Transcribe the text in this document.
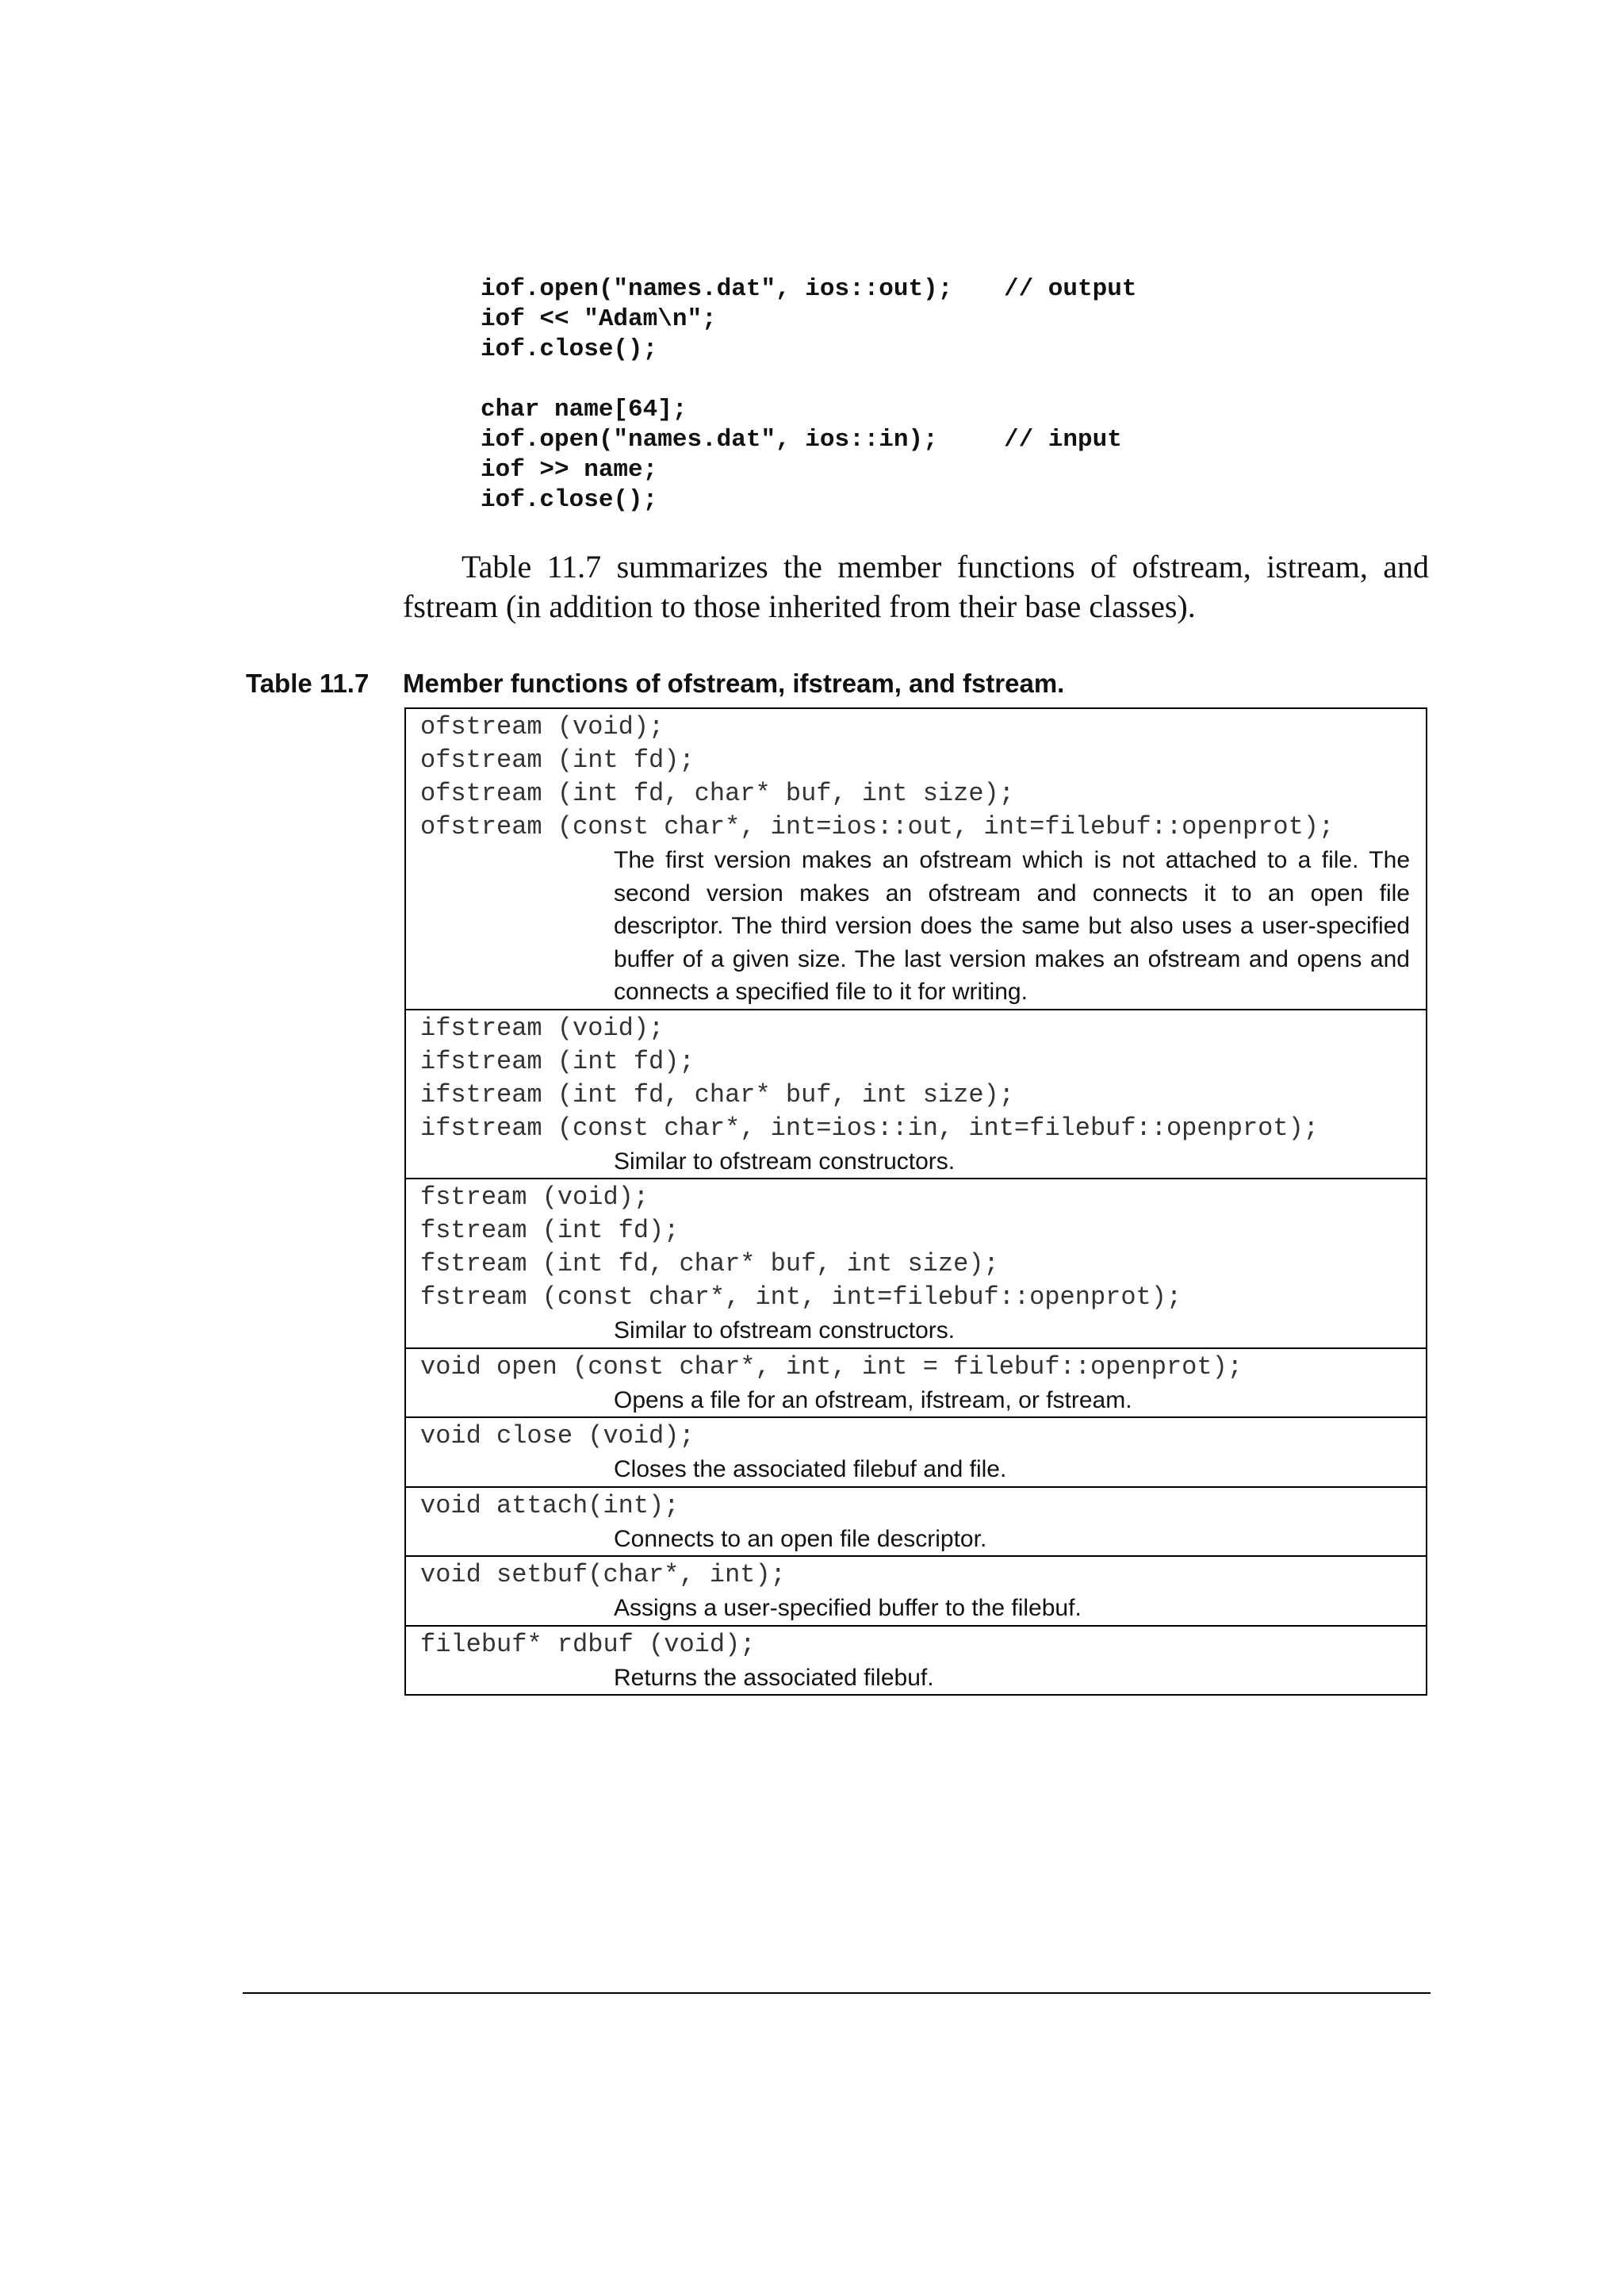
iof.open("names.dat", ios::out);	// output
iof << "Adam\n";
iof.close();
char name[64];
iof.open("names.dat", ios::in);	// input
iof >> name;
iof.close();
Table 11.7 summarizes the member functions of ofstream, istream, and
fstream (in addition to those inherited from their base classes).
Table 11.7 Member functions of ofstream, ifstream, and fstream.
ofstream (void);
ofstream (int fd);
ofstream (int fd, char* buf, int size);
ofstream (const char*, int=ios::out, int=filebuf::openprot);
The first version makes an ofstream which is not attached to a file. The second version makes an ofstream and connects it to an open file descriptor. The third version does the same but also uses a user-specified buffer of a given size. The last version makes an ofstream and opens and connects a specified file to it for writing.
ifstream (void);
ifstream (int fd);
ifstream (int fd, char* buf, int size);
ifstream (const char*, int=ios::in, int=filebuf::openprot);
Similar to ofstream constructors.
fstream (void);
fstream (int fd);
fstream (int fd, char* buf, int size);
fstream (const char*, int, int=filebuf::openprot);
Similar to ofstream constructors.
void open (const char*, int, int = filebuf::openprot);
Opens a file for an ofstream, ifstream, or fstream.
void close (void);
Closes the associated filebuf and file.
void attach(int);
Connects to an open file descriptor.
void setbuf(char*, int);
Assigns a user-specified buffer to the filebuf.
filebuf* rdbuf (void);
Returns the associated filebuf.
